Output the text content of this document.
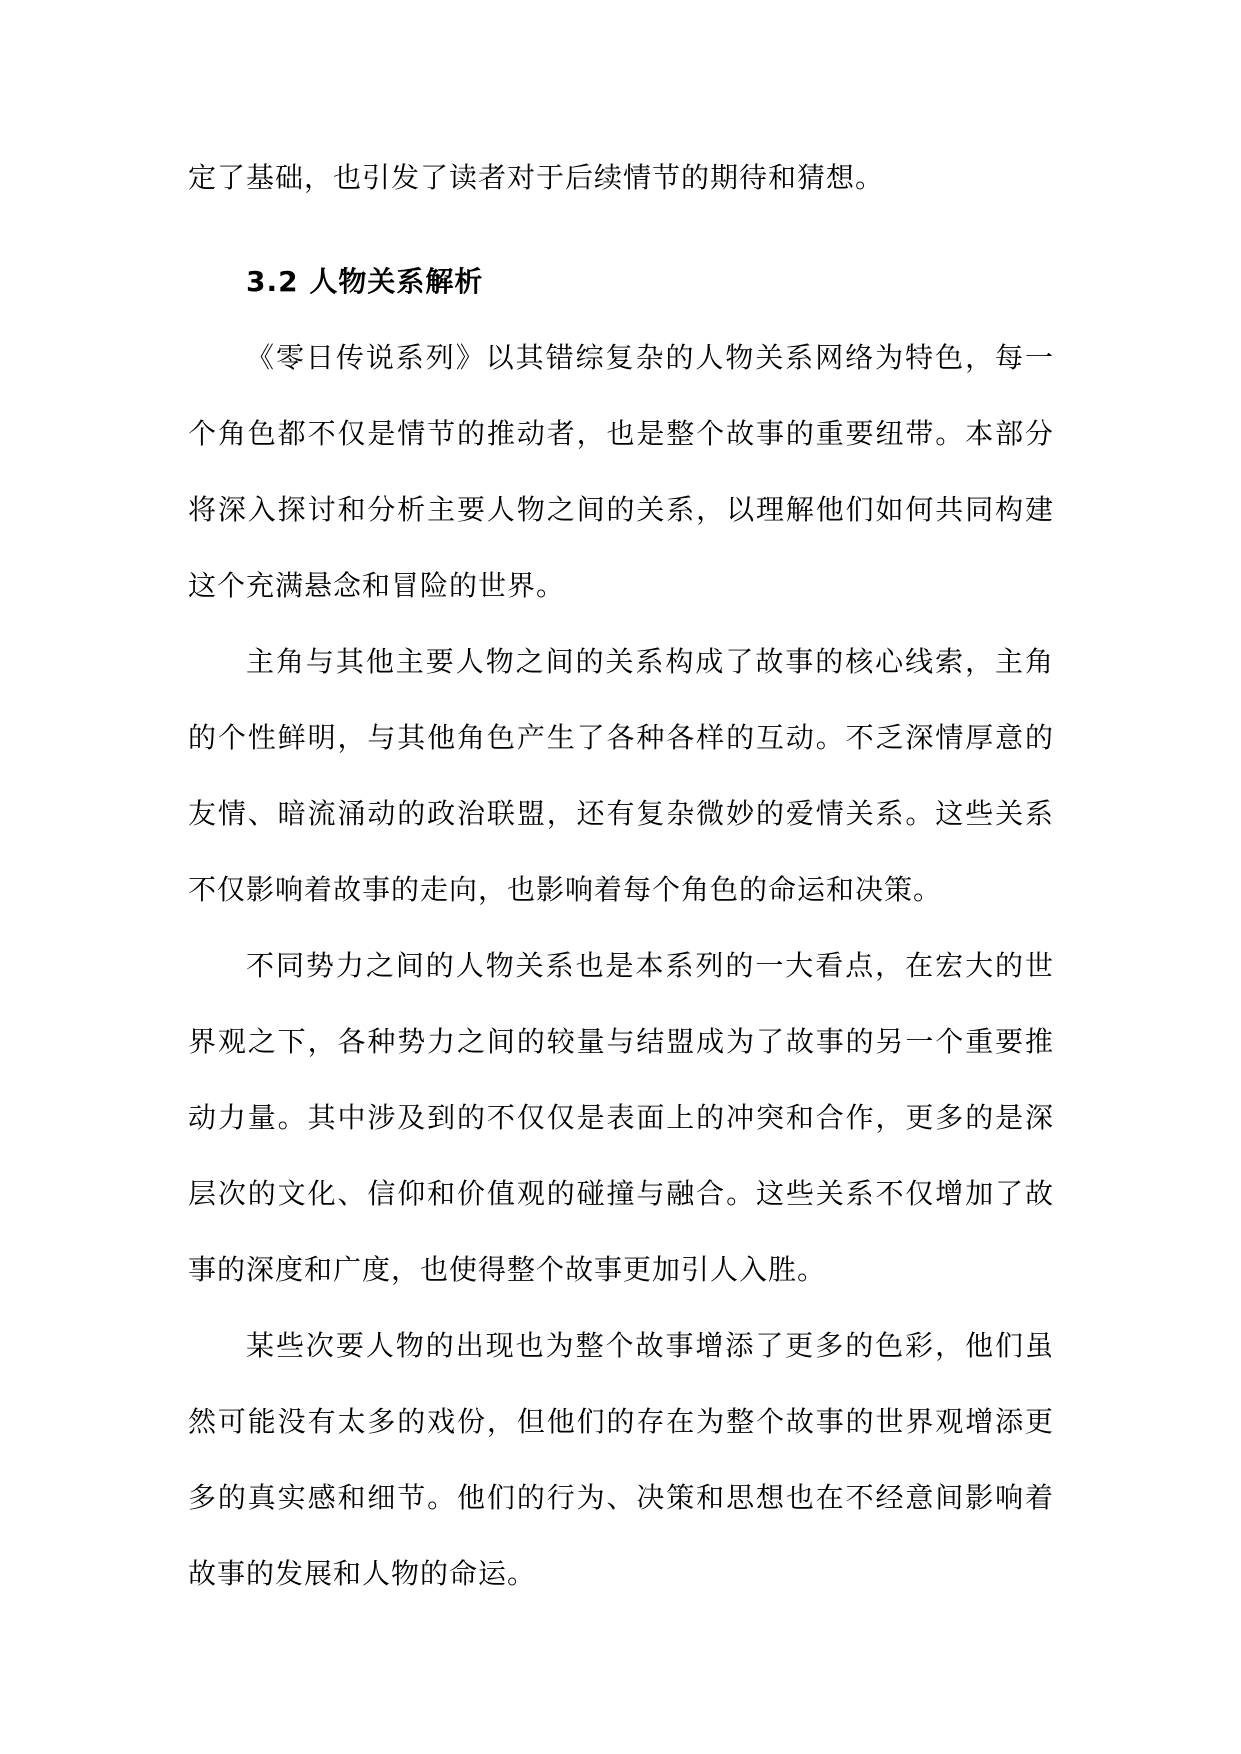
定了基础，也引发了读者对于后续情节的期待和猜想。

3.2 人物关系解析

《零日传说系列》以其错综复杂的人物关系网络为特色，每一个角色都不仅是情节的推动者，也是整个故事的重要纽带。本部分将深入探讨和分析主要人物之间的关系，以理解他们如何共同构建这个充满悬念和冒险的世界。

主角与其他主要人物之间的关系构成了故事的核心线索，主角的个性鲜明，与其他角色产生了各种各样的互动。不乏深情厚意的友情、暗流涌动的政治联盟，还有复杂微妙的爱情关系。这些关系不仅影响着故事的走向，也影响着每个角色的命运和决策。

不同势力之间的人物关系也是本系列的一大看点，在宏大的世界观之下，各种势力之间的较量与结盟成为了故事的另一个重要推动力量。其中涉及到的不仅仅是表面上的冲突和合作，更多的是深层次的文化、信仰和价值观的碰撞与融合。这些关系不仅增加了故事的深度和广度，也使得整个故事更加引人入胜。

某些次要人物的出现也为整个故事增添了更多的色彩，他们虽然可能没有太多的戏份，但他们的存在为整个故事的世界观增添更多的真实感和细节。他们的行为、决策和思想也在不经意间影响着故事的发展和人物的命运。
